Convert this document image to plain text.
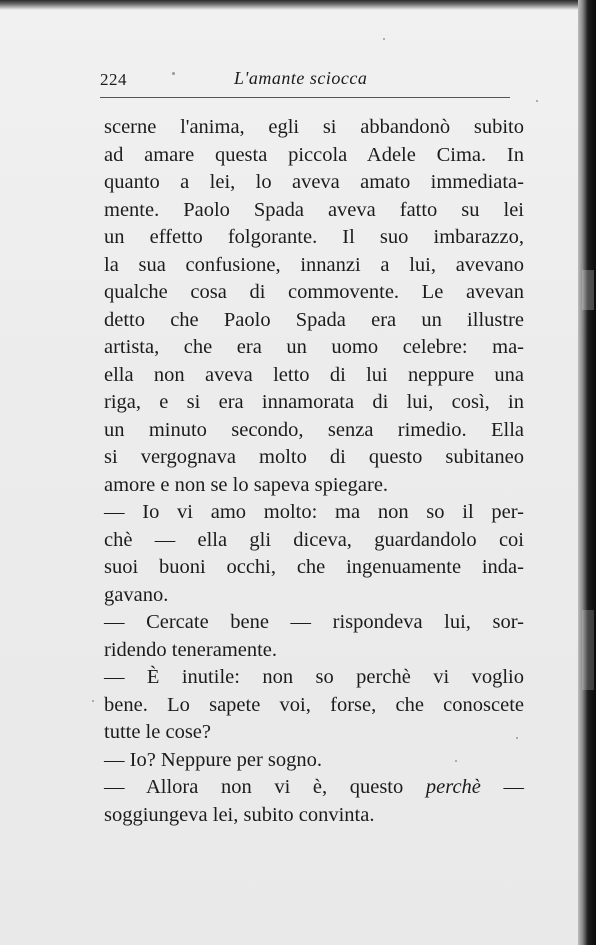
224	L'amante sciocca
scerne l'anima, egli si abbandonò subito
ad amare questa piccola Adele Cima. In
quanto a lei, lo aveva amato immediata-
mente. Paolo Spada aveva fatto su lei
un effetto folgorante. Il suo imbarazzo,
la sua confusione, innanzi a lui, avevano
qualche cosa di commovente. Le avevan
detto che Paolo Spada era un illustre
artista, che era un uomo celebre: ma-
ella non aveva letto di lui neppure una
riga, e si era innamorata di lui, così, in
un minuto secondo, senza rimedio. Ella
si vergognava molto di questo subitaneo
amore e non se lo sapeva spiegare.
— Io vi amo molto: ma non so il per-
chè — ella gli diceva, guardandolo coi
suoi buoni occhi, che ingenuamente inda-
gavano.
— Cercate bene — rispondeva lui, sor-
ridendo teneramente.
— È inutile: non so perchè vi voglio
bene. Lo sapete voi, forse, che conoscete
tutte le cose?
— Io? Neppure per sogno.
— Allora non vi è, questo perchè —
soggiungeva lei, subito convinta.
